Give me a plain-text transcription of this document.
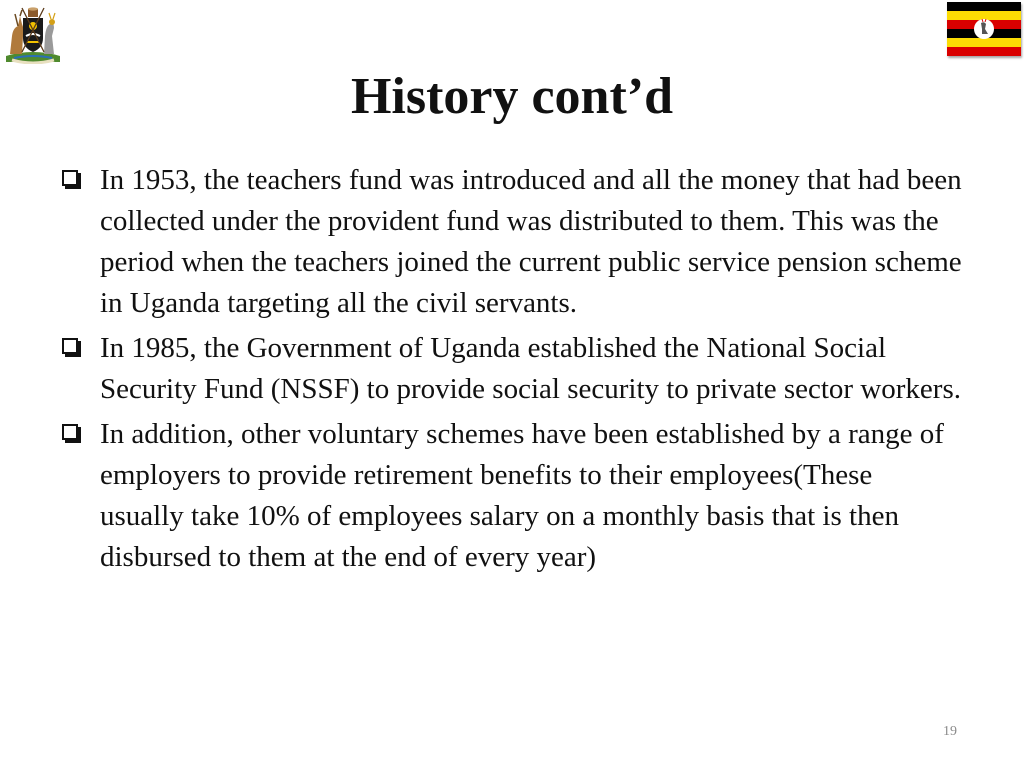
History cont’d
In 1953, the teachers fund was introduced and all the money that had been collected under the provident fund was distributed to them. This was the period when the teachers joined the current public service pension scheme in Uganda targeting all the civil servants.
In 1985, the Government of Uganda established the National Social Security Fund (NSSF) to provide social security to private sector workers.
In addition, other voluntary schemes have been established by a range of employers to provide retirement benefits to their employees(These usually take 10% of employees salary on a monthly basis that is then disbursed to them at the end of every year)
19
